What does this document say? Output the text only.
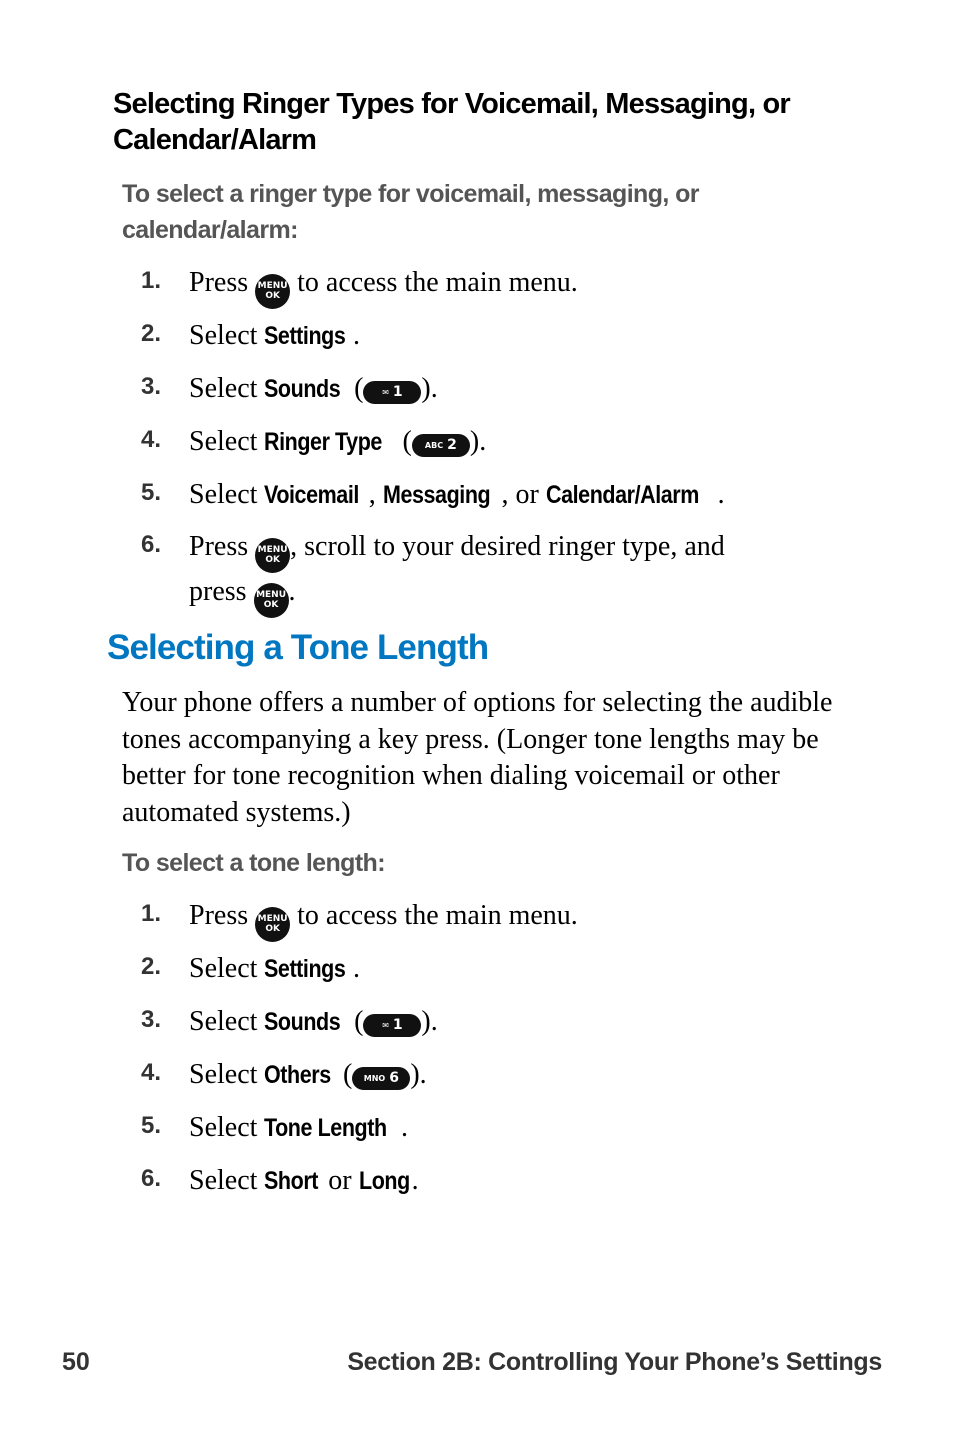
Selecting Ringer Types for Voicemail, Messaging, or
Calendar/Alarm
To select a ringer type for voicemail, messaging, or
calendar/alarm:
1. Press MENU
OK to access the main menu.
2. Select Settings .
3. Select Sounds ( ✉ 1 ).
4. Select Ringer Type ( ABC 2 ).
5. Select Voicemail , Messaging , or Calendar/Alarm .
6. Press MENU
OK , scroll to your desired ringer type, and
press MENU
OK .
Selecting a Tone Length

Your phone offers a number of options for selecting the audible tones accompanying a key press. (Longer tone lengths may be better for tone recognition when dialing voicemail or other automated systems.)

To select a tone length:
1. Press MENU
OK to access the main menu.
2. Select Settings .
3. Select Sounds ( ✉ 1 ).
4. Select Others ( MNO 6 ).
5. Select Tone Length .
6. Select Short or Long.
50	Section 2B: Controlling Your Phone’s Settings
